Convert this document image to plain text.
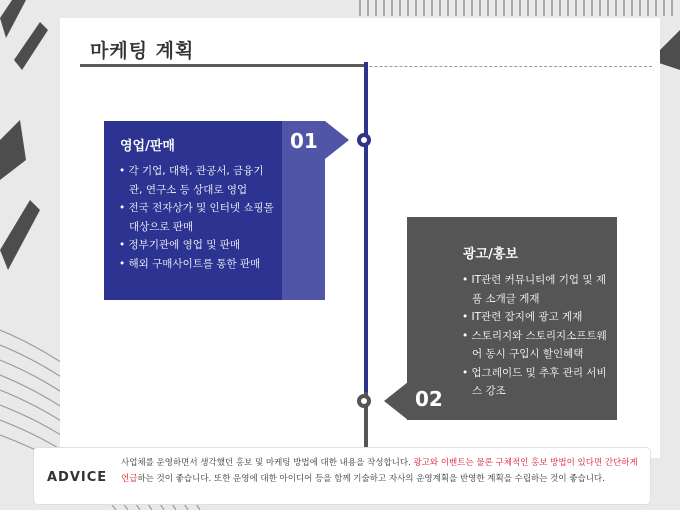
마케팅 계획
01
영업/판매
• 각 기업, 대학, 관공서, 금융기관, 연구소 등 상대로 영업
• 전국 전자상가 및 인터넷 쇼핑몰 대상으로 판매
• 정부기관에 영업 및 판매
• 해외 구매사이트를 통한 판매
02
광고/홍보
• IT관련 커뮤니티에 기업 및 제품 소개글 게재
• IT관련 잡지에 광고 게재
• 스토리지와 스토리지소프트웨어 동시 구입시 할인혜택
• 업그레이드 및 추후 관리 서비스 강조
ADVICE
사업체를 운영하면서 생각했던 홍보 및 마케팅 방법에 대한 내용을 작성합니다. 광고와 이벤트는 물론 구체적인 홍보 방법이 있다면 간단하게 언급하는 것이 좋습니다. 또한 운영에 대한 아이디어 등을 함께 기술하고 자사의 운영계획을 반영한 계획을 수립하는 것이 좋습니다.
